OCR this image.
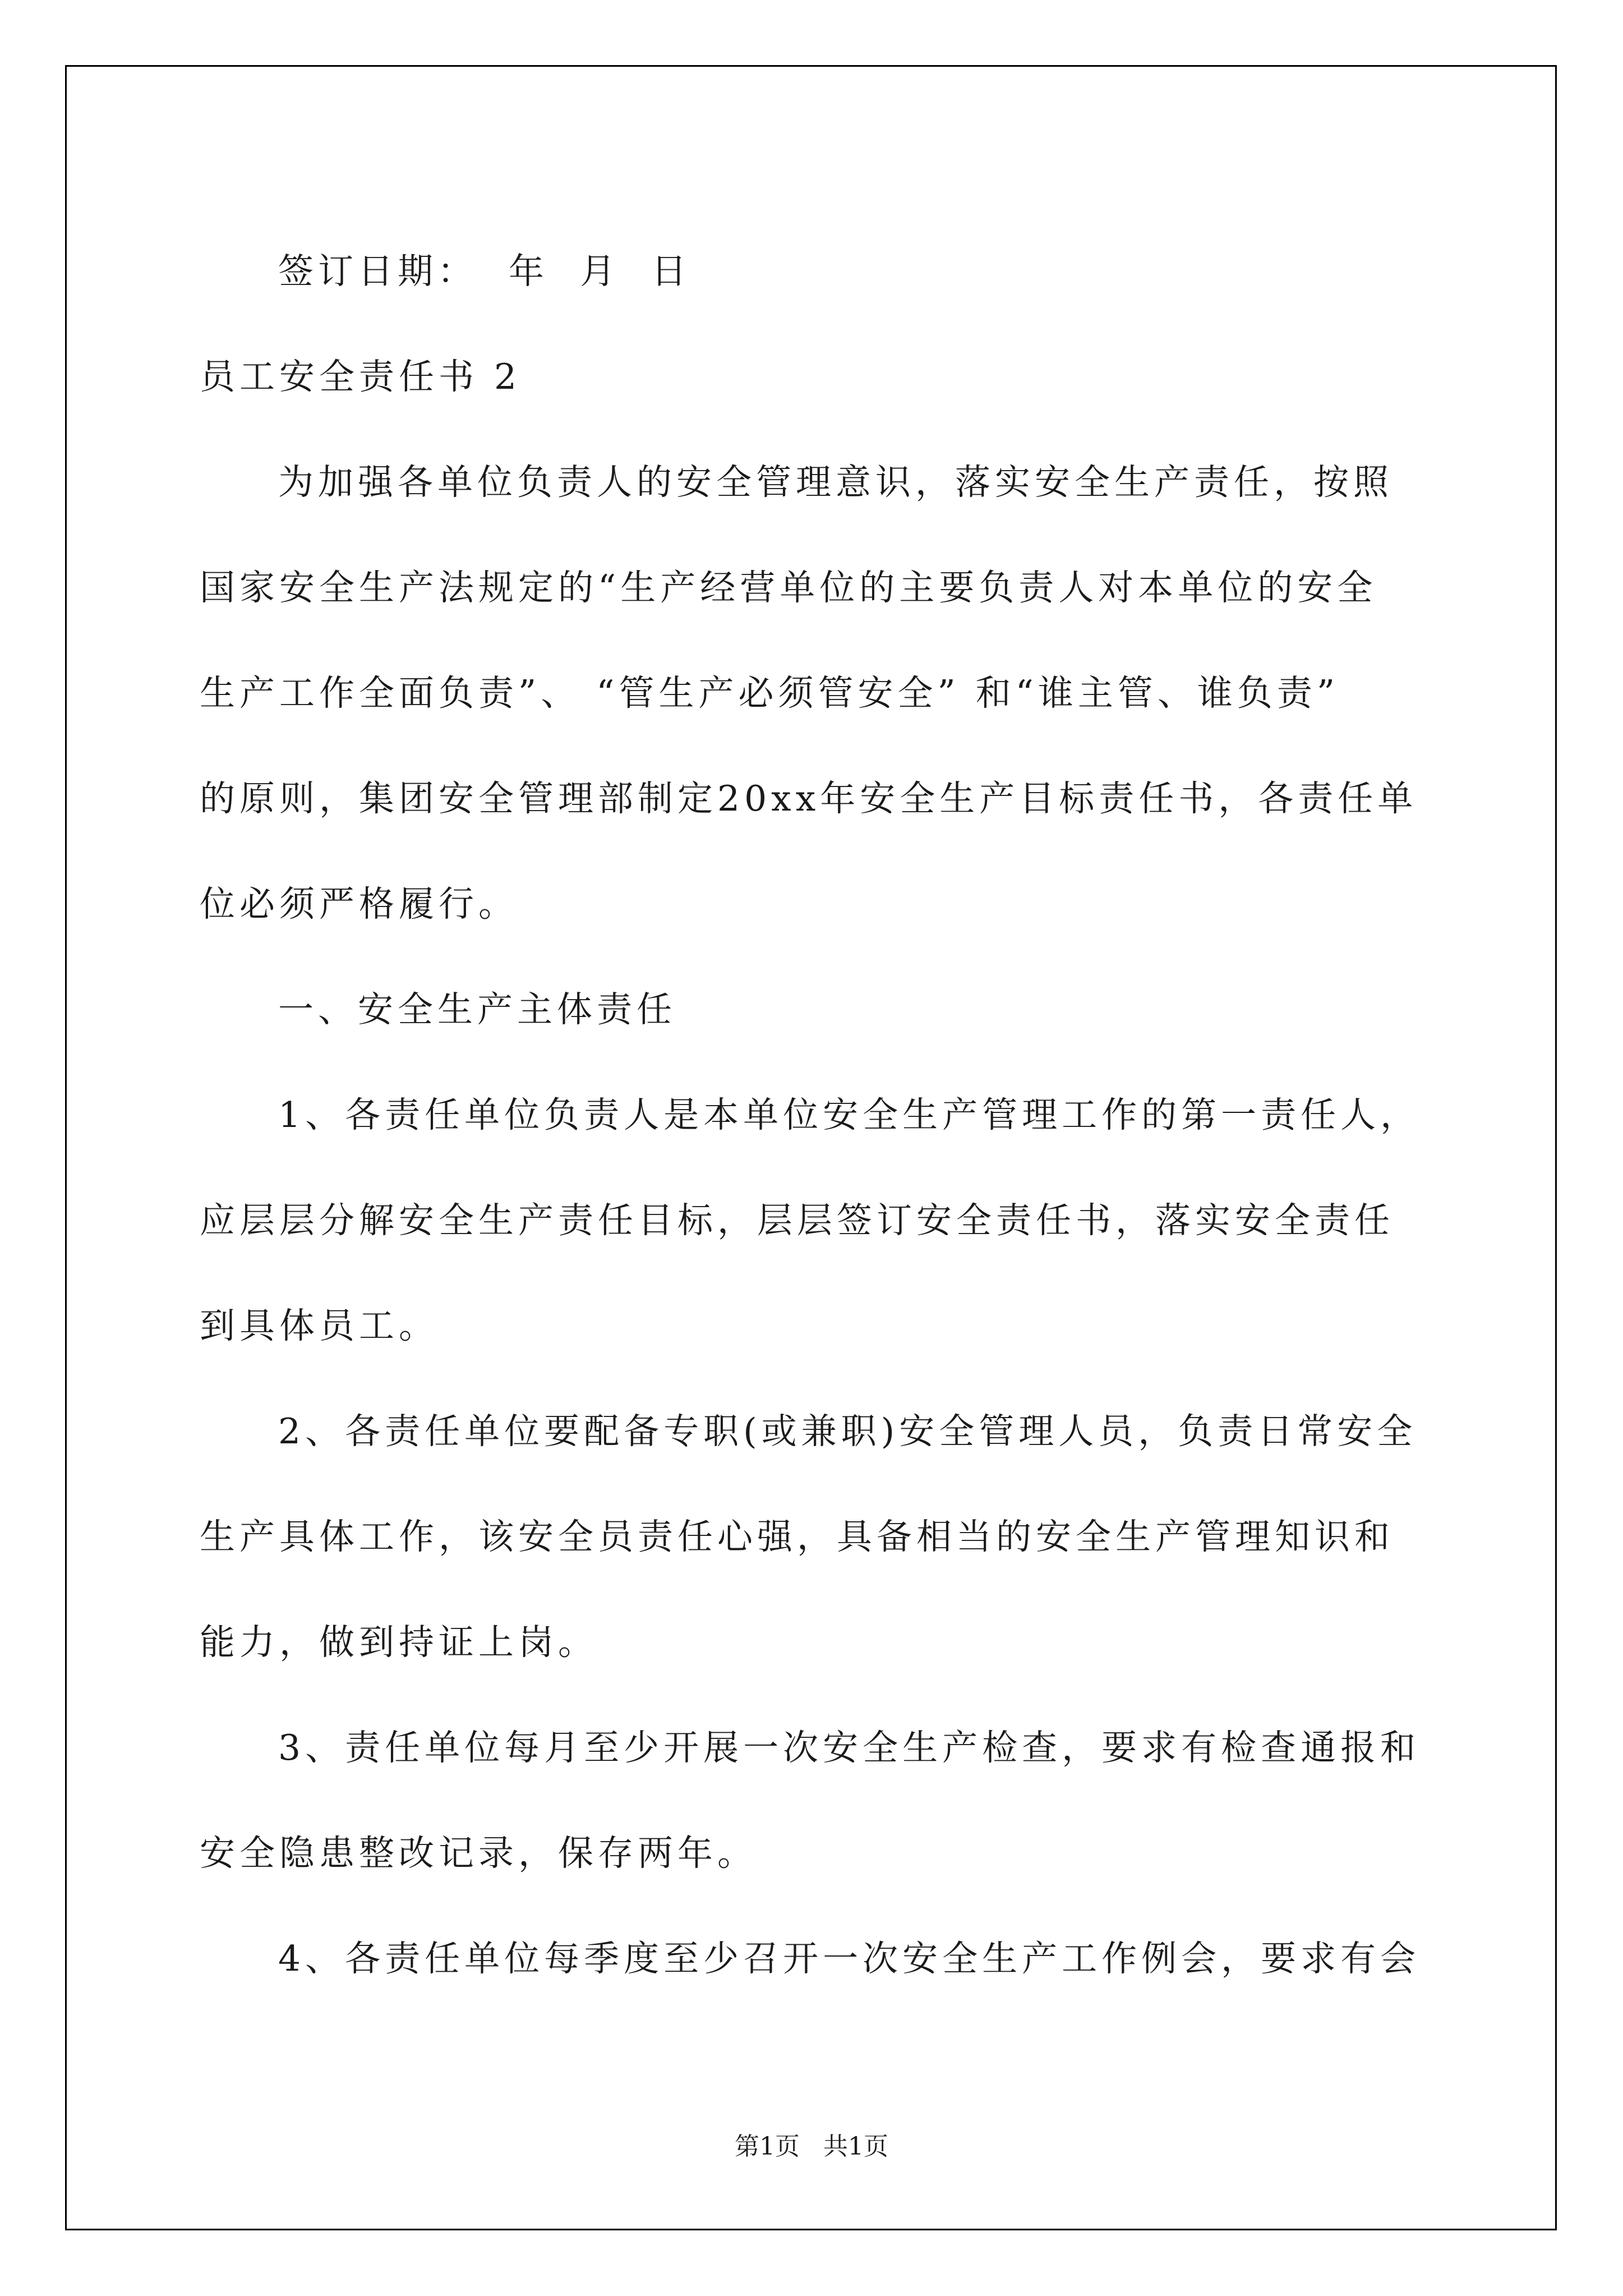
签订日期：  年  月  日
员工安全责任书 2
为加强各单位负责人的安全管理意识，落实安全生产责任，按照
国家安全生产法规定的“生产经营单位的主要负责人对本单位的安全
生产工作全面负责”、 “管生产必须管安全” 和“谁主管、谁负责”
的原则，集团安全管理部制定20xx年安全生产目标责任书，各责任单
位必须严格履行。
一、安全生产主体责任
1、各责任单位负责人是本单位安全生产管理工作的第一责任人，
应层层分解安全生产责任目标，层层签订安全责任书，落实安全责任
到具体员工。
2、各责任单位要配备专职(或兼职)安全管理人员，负责日常安全
生产具体工作，该安全员责任心强，具备相当的安全生产管理知识和
能力，做到持证上岗。
3、责任单位每月至少开展一次安全生产检查，要求有检查通报和
安全隐患整改记录，保存两年。
4、各责任单位每季度至少召开一次安全生产工作例会，要求有会
第1页   共1页
